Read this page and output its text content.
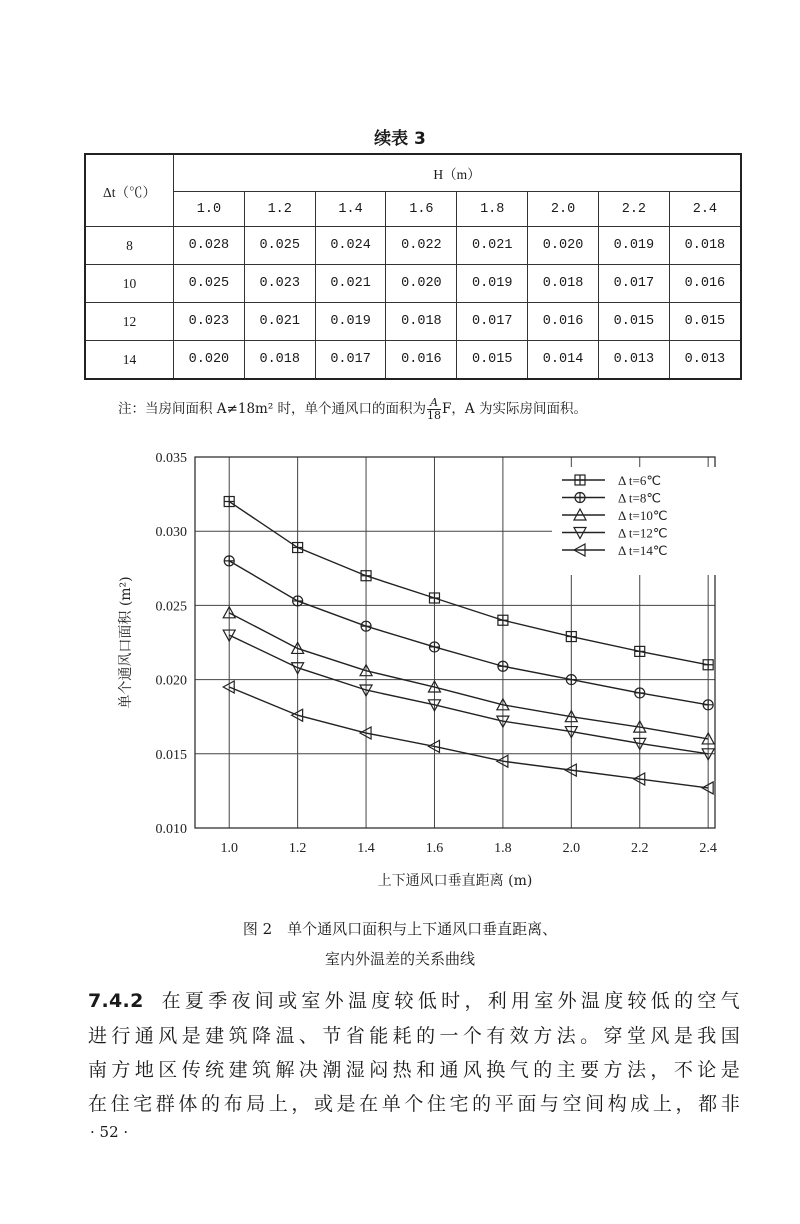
续表 3
Δt（℃）	H（m）							
	1.0	1.2	1.4	1.6	1.8	2.0	2.2	2.4
8	0.028	0.025	0.024	0.022	0.021	0.020	0.019	0.018
10	0.025	0.023	0.021	0.020	0.019	0.018	0.017	0.016
12	0.023	0.021	0.019	0.018	0.017	0.016	0.015	0.015
14	0.020	0.018	0.017	0.016	0.015	0.014	0.013	0.013
注：当房间面积 A≠18m² 时，单个通风口的面积为 $\frac{A}{18}$ F，A 为实际房间面积。
0.010
0.015
0.020
0.025
0.030
0.035
1.0	1.2	1.4	1.6	1.8	2.0	2.2	2.4
上下通风口垂直距离 (m)
单个通风口面积 (m²)
Δ t=6℃
Δ t=8℃
Δ t=10℃
Δ t=12℃
Δ t=14℃
图 2　单个通风口面积与上下通风口垂直距离、
室内外温差的关系曲线
7.4.2 在夏季夜间或室外温度较低时，利用室外温度较低的空气
进行通风是建筑降温、节省能耗的一个有效方法。穿堂风是我国
南方地区传统建筑解决潮湿闷热和通风换气的主要方法，不论是
在住宅群体的布局上，或是在单个住宅的平面与空间构成上，都非
· 52 ·
